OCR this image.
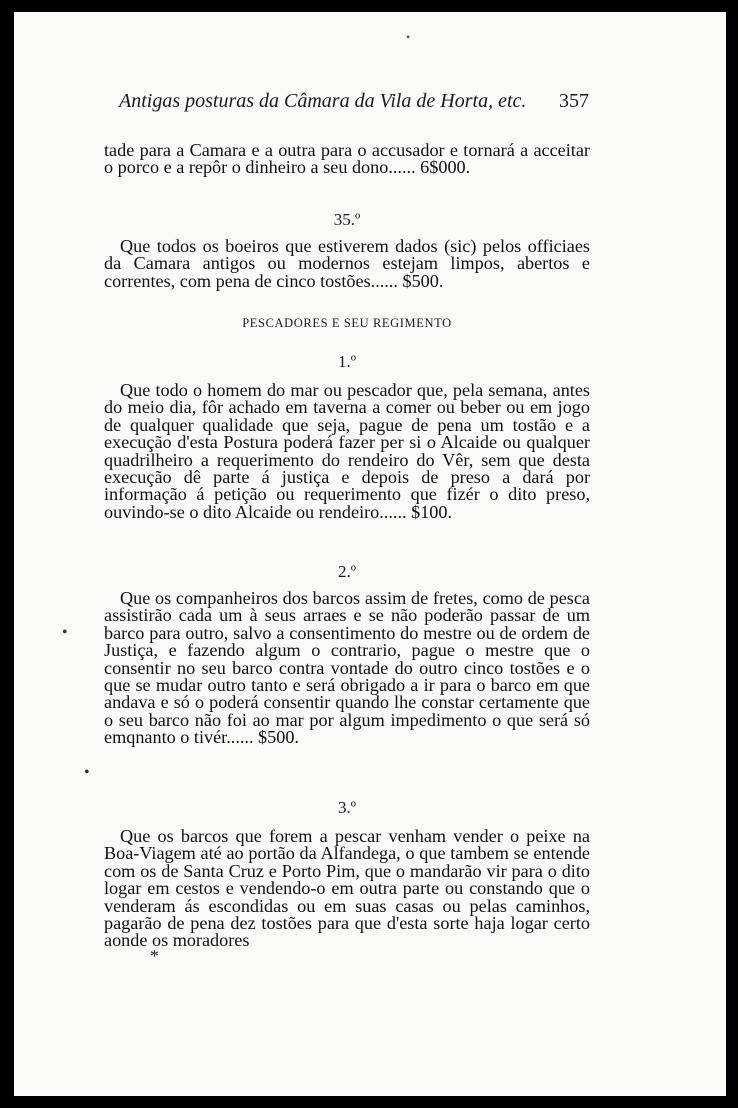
•
Antigas posturas da Câmara da Vila de Horta, etc. 357

tade para a Camara e a outra para o accusador e tornará a acceitar o porco e a repôr o dinheiro a seu dono...... 6$000.

35.º

Que todos os boeiros que estiverem dados (sic) pelos officiaes da Camara antigos ou modernos estejam limpos, abertos e correntes, com pena de cinco tostões...... $500.

PESCADORES E SEU REGIMENTO
1.º

Que todo o homem do mar ou pescador que, pela semana, antes do meio dia, fôr achado em taverna a comer ou beber ou em jogo de qualquer qualidade que seja, pague de pena um tostão e a execução d'esta Postura poderá fazer per si o Alcaide ou qualquer quadrilheiro a requerimento do rendeiro do Vêr, sem que desta execução dê parte á justiça e depois de preso a dará por informação á petição ou requerimento que fizér o dito preso, ouvindo-se o dito Alcaide ou rendeiro...... $100.

2.º

Que os companheiros dos barcos assim de fretes, como de pesca assistirão cada um à seus arraes e se não poderão passar de um barco para outro, salvo a consentimento do mestre ou de ordem de Justiça, e fazendo algum o contrario, pague o mestre que o consentir no seu barco contra vontade do outro cinco tostões e o que se mudar outro tanto e será obrigado a ir para o barco em que andava e só o poderá consentir quando lhe constar certamente que o seu barco não foi ao mar por algum impedimento o que será só emqnanto o tivér...... $500.

•
•
3.º

Que os barcos que forem a pescar venham vender o peixe na Boa-Viagem até ao portão da Alfandega, o que tambem se entende com os de Santa Cruz e Porto Pim, que o mandarão vir para o dito logar em cestos e vendendo-o em outra parte ou constando que o venderam ás escondidas ou em suas casas ou pelas caminhos, pagarão de pena dez tostões para que d'esta sorte haja logar certo aonde os moradores

*
